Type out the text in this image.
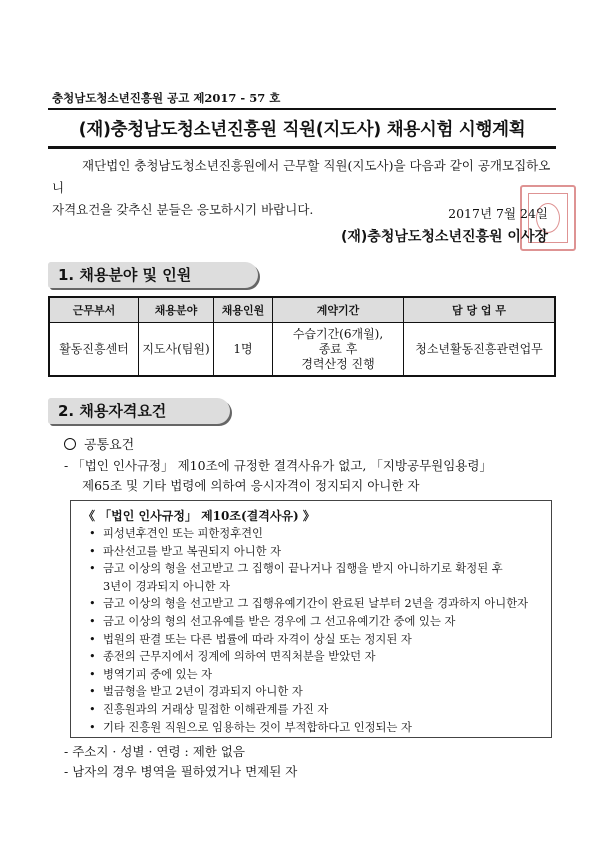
충청남도청소년진흥원 공고 제2017 - 57 호
(재)충청남도청소년진흥원 직원(지도사) 채용시험 시행계획
재단법인 충청남도청소년진흥원에서 근무할 직원(지도사)을 다음과 같이 공개모집하오니
자격요건을 갖추신 분들은 응모하시기 바랍니다.	2017년 7월 24일
(재)충청남도청소년진흥원 이사장
1. 채용분야 및 인원
근무부서	채용분야	채용인원	계약기간	담 당 업 무
활동진흥센터	지도사(팀원)	1명	수습기간(6개월),
종료 후
경력산정 진행	청소년활동진흥관련업무
2. 채용자격요건
공통요건
- 「법인 인사규정」 제10조에 규정한 결격사유가 없고, 「지방공무원임용령」
제65조 및 기타 법령에 의하여 응시자격이 정지되지 아니한 자
《 「법인 인사규정」 제10조(결격사유) 》
• 피성년후견인 또는 피한정후견인
• 파산선고를 받고 복권되지 아니한 자
• 금고 이상의 형을 선고받고 그 집행이 끝나거나 집행을 받지 아니하기로 확정된 후
3년이 경과되지 아니한 자
• 금고 이상의 형을 선고받고 그 집행유예기간이 완료된 날부터 2년을 경과하지 아니한자
• 금고 이상의 형의 선고유예를 받은 경우에 그 선고유예기간 중에 있는 자
• 법원의 판결 또는 다른 법률에 따라 자격이 상실 또는 정지된 자
• 종전의 근무지에서 징계에 의하여 면직처분을 받았던 자
• 병역기피 중에 있는 자
• 벌금형을 받고 2년이 경과되지 아니한 자
• 진흥원과의 거래상 밀접한 이해관계를 가진 자
• 기타 진흥원 직원으로 임용하는 것이 부적합하다고 인정되는 자
- 주소지 · 성별 · 연령 : 제한 없음
- 남자의 경우 병역을 필하였거나 면제된 자
